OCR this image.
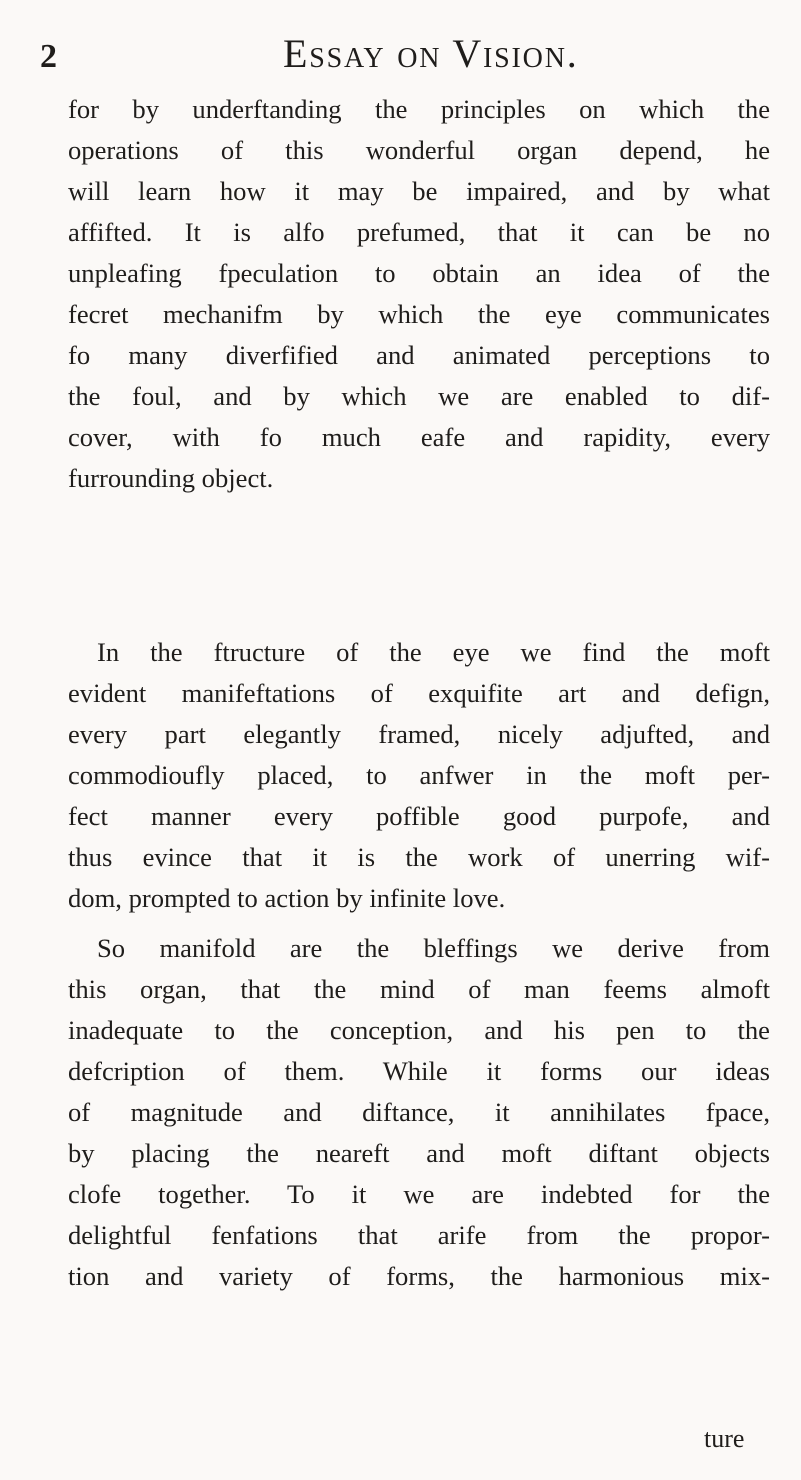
2	Essay on Vision.
for by underftanding the principles on which the
operations of this wonderful organ depend, he
will learn how it may be impaired, and by what
affifted. It is alfo prefumed, that it can be no
unpleafing fpeculation to obtain an idea of the
fecret mechanifm by which the eye communicates
fo many diverfified and animated perceptions to
the foul, and by which we are enabled to dif-
cover, with fo much eafe and rapidity, every
furrounding object.
In the ftructure of the eye we find the moft
evident manifeftations of exquifite art and defign,
every part elegantly framed, nicely adjufted, and
commodioufly placed, to anfwer in the moft per-
fect manner every poffible good purpofe, and
thus evince that it is the work of unerring wif-
dom, prompted to action by infinite love.
So manifold are the bleffings we derive from
this organ, that the mind of man feems almoft
inadequate to the conception, and his pen to the
defcription of them. While it forms our ideas
of magnitude and diftance, it annihilates fpace,
by placing the neareft and moft diftant objects
clofe together. To it we are indebted for the
delightful fenfations that arife from the propor-
tion and variety of forms, the harmonious mix-
ture
